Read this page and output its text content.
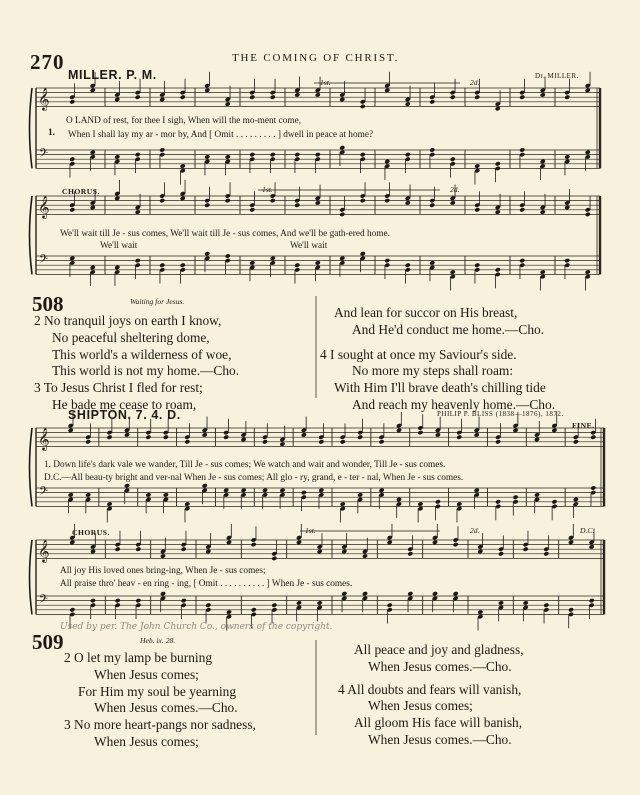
𝄞
𝄢
𝄞
𝄢
𝄞
𝄢
𝄞
𝄢
270	THE COMING OF CHRIST.
MILLER. P. M.	Dr. MILLER.
1st.	2d.
1.
O LAND of rest, for thee I sigh, When will the mo-ment come,
When I shall lay my ar - mor by, And [ Omit . . . . . . . . . ] dwell in peace at home?
CHORUS.	1st.	2d.
We'll wait till Je - sus comes, We'll wait till Je - sus comes, And we'll be gath-ered home.
We'll wait	We'll wait
508	Waiting for Jesus.
2 No tranquil joys on earth I know,
No peaceful sheltering dome,
This world's a wilderness of woe,
This world is not my home.—Cho.
3 To Jesus Christ I fled for rest;
He bade me cease to roam,
And lean for succor on His breast,
And He'd conduct me home.—Cho.
4 I sought at once my Saviour's side.
No more my steps shall roam:
With Him I'll brave death's chilling tide
And reach my heavenly home.—Cho.
SHIPTON. 7. 4. D.	PHILIP P. BLISS (1838—1876), 1872.
FINE.
1. Down life's dark vale we wander, Till Je - sus comes; We watch and wait and wonder, Till Je - sus comes.
D.C.—All beau-ty bright and ver-nal When Je - sus comes; All glo - ry, grand, e - ter - nal, When Je - sus comes.
CHORUS.	1st.	2d.	D.C.
All joy His loved ones bring-ing, When Je - sus comes;
All praise thro' heav - en ring - ing, [ Omit . . . . . . . . . . ] When Je - sus comes.
Used by per. The John Church Co., owners of the copyright.
509	Heb. ix. 28.
2 O let my lamp be burning
When Jesus comes;
For Him my soul be yearning
When Jesus comes.—Cho.
3 No more heart-pangs nor sadness,
When Jesus comes;
All peace and joy and gladness,
When Jesus comes.—Cho.
4 All doubts and fears will vanish,
When Jesus comes;
All gloom His face will banish,
When Jesus comes.—Cho.
